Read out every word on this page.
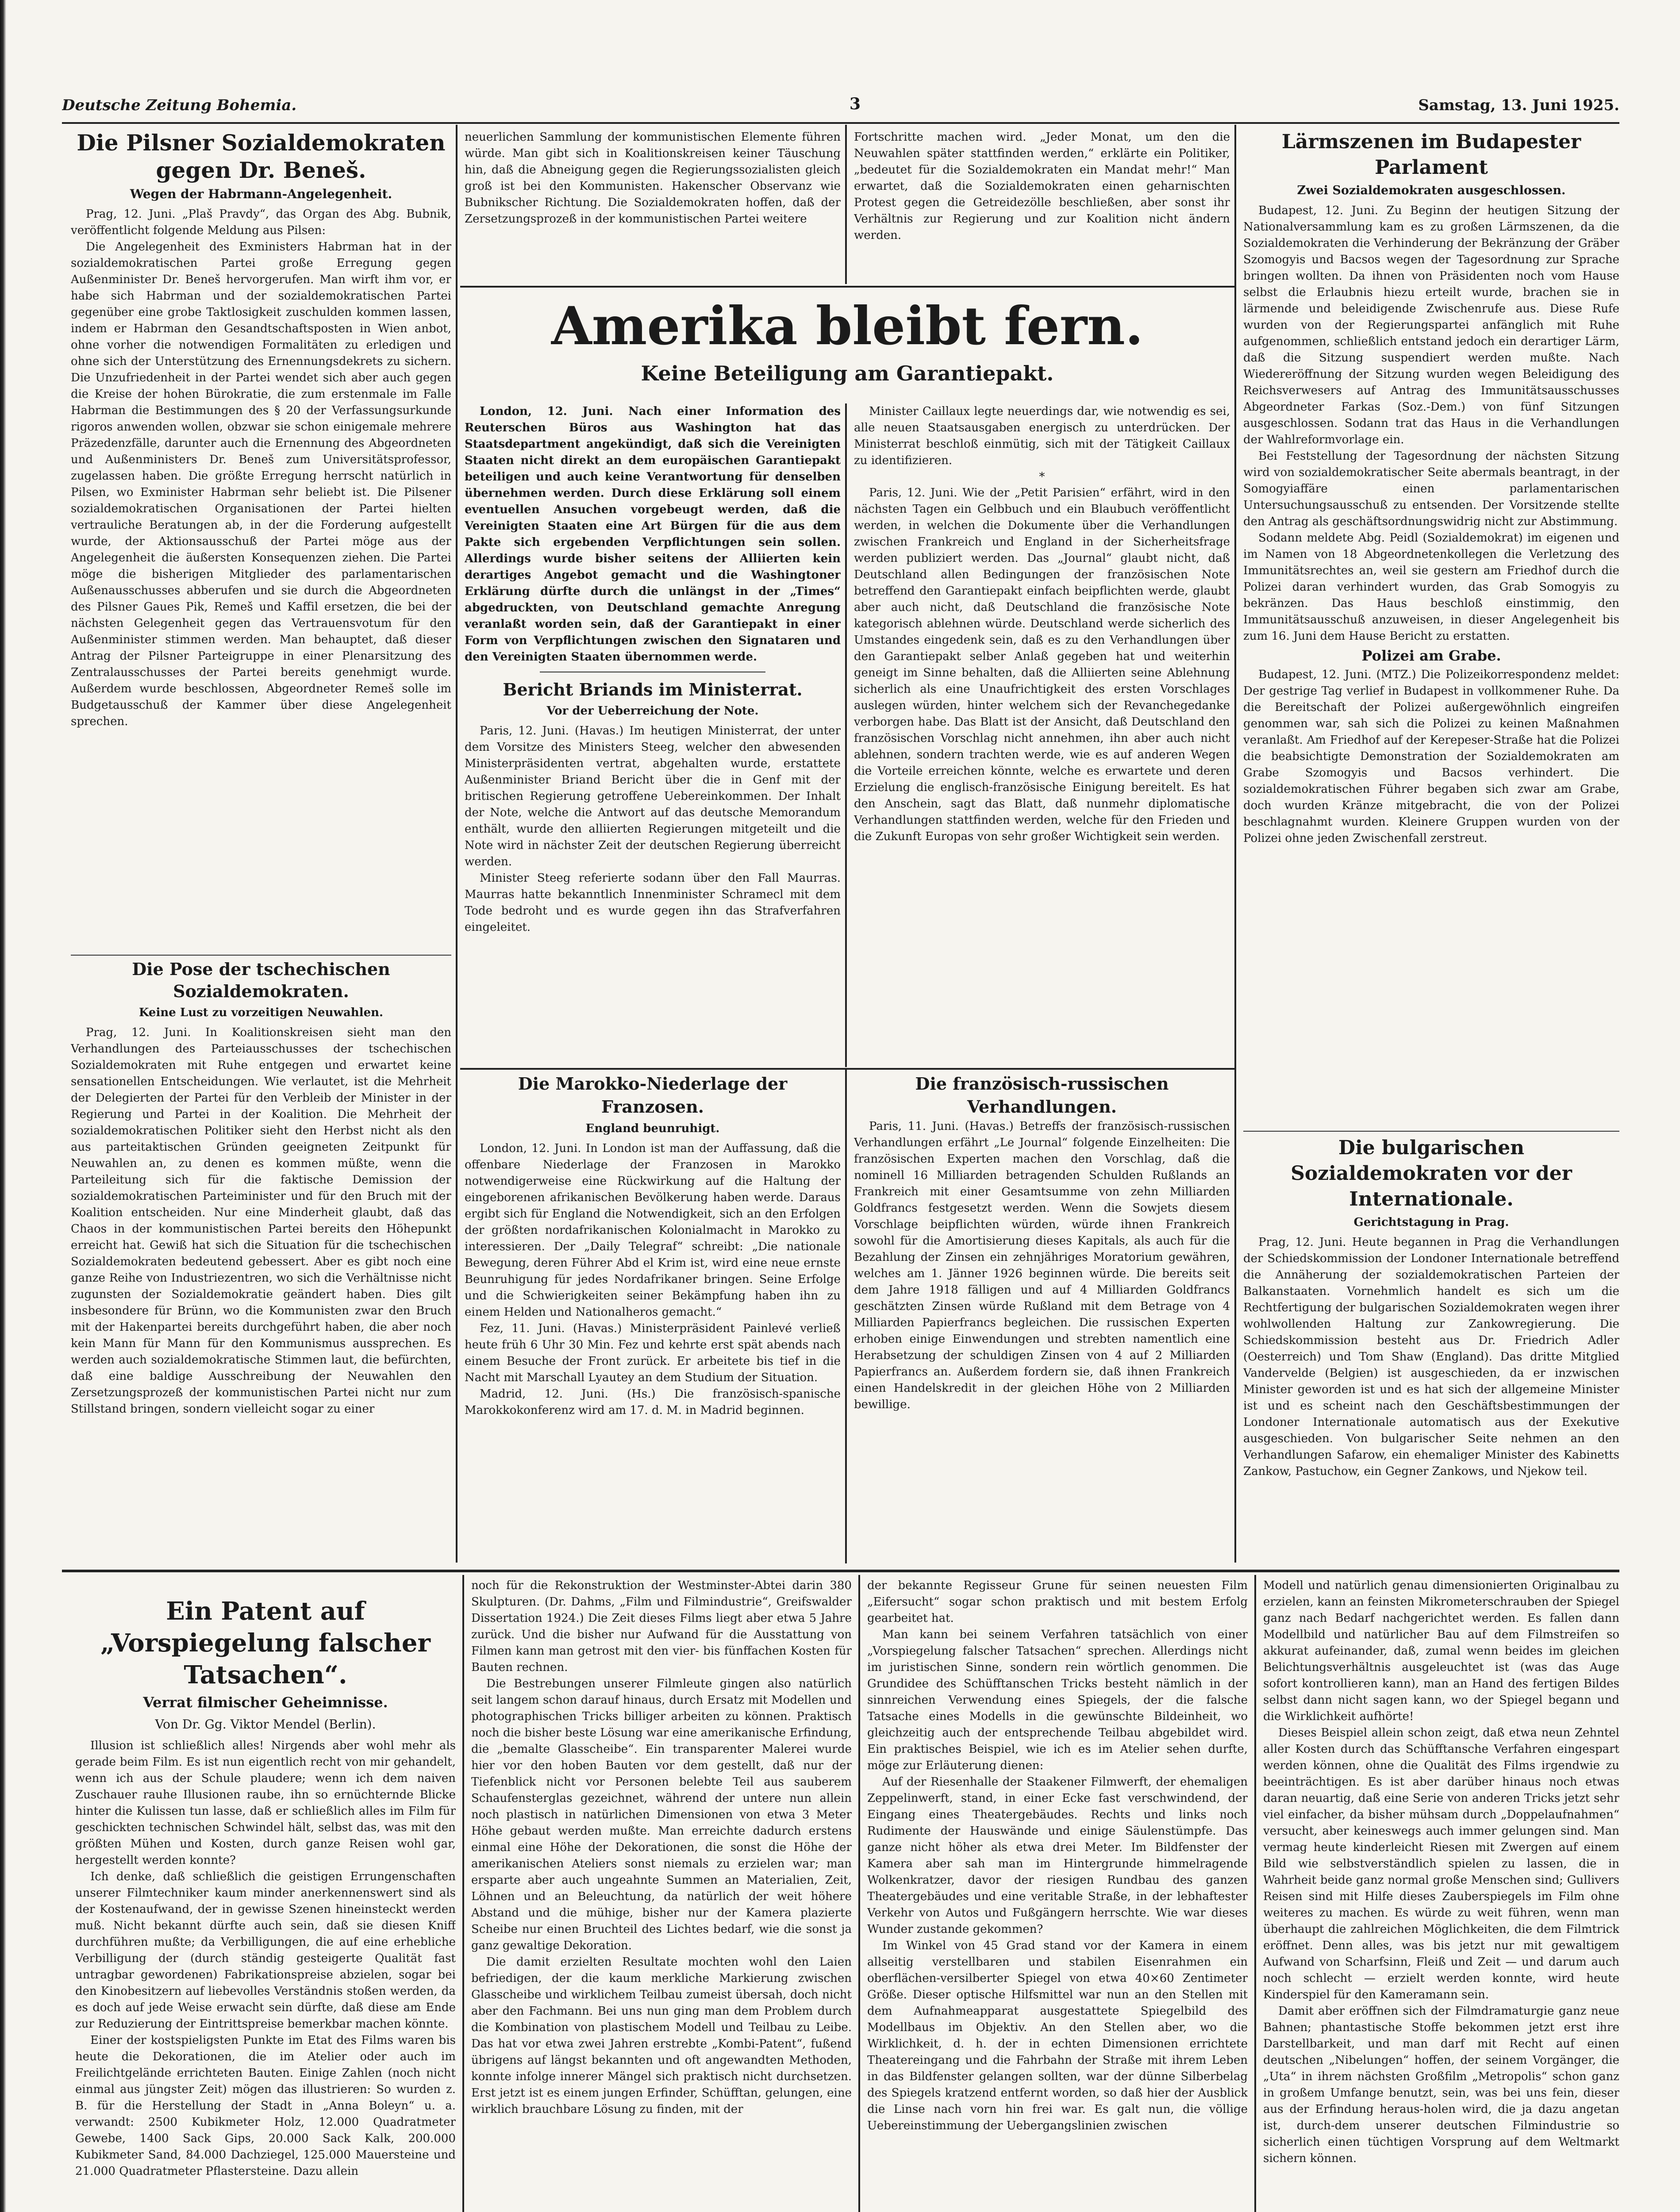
Deutsche Zeitung Bohemia.	3	Samstag, 13. Juni 1925.
Die Pilsner Sozialdemokraten gegen Dr. Beneš.
Wegen der Habrmann-Angelegenheit.

Prag, 12. Juni. „Plaš Pravdy“, das Organ des Abg. Bubnik, veröffentlicht folgende Meldung aus Pilsen:

Die Angelegenheit des Exministers Habrman hat in der sozialdemokratischen Partei große Erregung gegen Außenminister Dr. Beneš hervorgerufen. Man wirft ihm vor, er habe sich Habrman und der sozialdemokratischen Partei gegenüber eine grobe Taktlosigkeit zuschulden kommen lassen, indem er Habrman den Gesandtschaftsposten in Wien anbot, ohne vorher die notwendigen Formalitäten zu erledigen und ohne sich der Unterstützung des Ernennungsdekrets zu sichern. Die Unzufriedenheit in der Partei wendet sich aber auch gegen die Kreise der hohen Bürokratie, die zum erstenmale im Falle Habrman die Bestimmungen des § 20 der Verfassungsurkunde rigoros anwenden wollen, obzwar sie schon einigemale mehrere Präzedenzfälle, darunter auch die Ernennung des Abgeordneten und Außenministers Dr. Beneš zum Universitätsprofessor, zugelassen haben. Die größte Erregung herrscht natürlich in Pilsen, wo Exminister Habrman sehr beliebt ist. Die Pilsener sozialdemokratischen Organisationen der Partei hielten vertrauliche Beratungen ab, in der die Forderung aufgestellt wurde, der Aktionsausschuß der Partei möge aus der Angelegenheit die äußersten Konsequenzen ziehen. Die Partei möge die bisherigen Mitglieder des parlamentarischen Außenausschusses abberufen und sie durch die Abgeordneten des Pilsner Gaues Pik, Remeš und Kaffil ersetzen, die bei der nächsten Gelegenheit gegen das Vertrauensvotum für den Außenminister stimmen werden. Man behauptet, daß dieser Antrag der Pilsner Parteigruppe in einer Plenarsitzung des Zentralausschusses der Partei bereits genehmigt wurde. Außerdem wurde beschlossen, Abgeordneter Remeš solle im Budgetausschuß der Kammer über diese Angelegenheit sprechen.

Die Pose der tschechischen Sozialdemokraten.
Keine Lust zu vorzeitigen Neuwahlen.

Prag, 12. Juni. In Koalitionskreisen sieht man den Verhandlungen des Parteiausschusses der tschechischen Sozialdemokraten mit Ruhe entgegen und erwartet keine sensationellen Entscheidungen. Wie verlautet, ist die Mehrheit der Delegierten der Partei für den Verbleib der Minister in der Regierung und Partei in der Koalition. Die Mehrheit der sozialdemokratischen Politiker sieht den Herbst nicht als den aus parteitaktischen Gründen geeigneten Zeitpunkt für Neuwahlen an, zu denen es kommen müßte, wenn die Parteileitung sich für die faktische Demission der sozialdemokratischen Parteiminister und für den Bruch mit der Koalition entscheiden. Nur eine Minderheit glaubt, daß das Chaos in der kommunistischen Partei bereits den Höhepunkt erreicht hat. Gewiß hat sich die Situation für die tschechischen Sozialdemokraten bedeutend gebessert. Aber es gibt noch eine ganze Reihe von Industriezentren, wo sich die Verhältnisse nicht zugunsten der Sozialdemokratie geändert haben. Dies gilt insbesondere für Brünn, wo die Kommunisten zwar den Bruch mit der Hakenpartei bereits durchgeführt haben, die aber noch kein Mann für Mann für den Kommunismus aussprechen. Es werden auch sozialdemokratische Stimmen laut, die befürchten, daß eine baldige Ausschreibung der Neuwahlen den Zersetzungsprozeß der kommunistischen Partei nicht nur zum Stillstand bringen, sondern vielleicht sogar zu einer

neuerlichen Sammlung der kommunistischen Elemente führen würde. Man gibt sich in Koalitionskreisen keiner Täuschung hin, daß die Abneigung gegen die Regierungssozialisten gleich groß ist bei den Kommunisten. Hakenscher Observanz wie Bubnikscher Richtung. Die Sozialdemokraten hoffen, daß der Zersetzungsprozeß in der kommunistischen Partei weitere

Fortschritte machen wird. „Jeder Monat, um den die Neuwahlen später stattfinden werden,“ erklärte ein Politiker, „bedeutet für die Sozialdemokraten ein Mandat mehr!“ Man erwartet, daß die Sozialdemokraten einen geharnischten Protest gegen die Getreidezölle beschließen, aber sonst ihr Verhältnis zur Regierung und zur Koalition nicht ändern werden.

Amerika bleibt fern.
Keine Beteiligung am Garantiepakt.

London, 12. Juni. Nach einer Information des Reuterschen Büros aus Washington hat das Staatsdepartment angekündigt, daß sich die Vereinigten Staaten nicht direkt an dem europäischen Garantiepakt beteiligen und auch keine Verantwortung für denselben übernehmen werden. Durch diese Erklärung soll einem eventuellen Ansuchen vorgebeugt werden, daß die Vereinigten Staaten eine Art Bürgen für die aus dem Pakte sich ergebenden Verpflichtungen sein sollen. Allerdings wurde bisher seitens der Alliierten kein derartiges Angebot gemacht und die Washingtoner Erklärung dürfte durch die unlängst in der „Times“ abgedruckten, von Deutschland gemachte Anregung veranlaßt worden sein, daß der Garantiepakt in einer Form von Verpflichtungen zwischen den Signataren und den Vereinigten Staaten übernommen werde.

Bericht Briands im Ministerrat.
Vor der Ueberreichung der Note.

Paris, 12. Juni. (Havas.) Im heutigen Ministerrat, der unter dem Vorsitze des Ministers Steeg, welcher den abwesenden Ministerpräsidenten vertrat, abgehalten wurde, erstattete Außenminister Briand Bericht über die in Genf mit der britischen Regierung getroffene Uebereinkommen. Der Inhalt der Note, welche die Antwort auf das deutsche Memorandum enthält, wurde den alliierten Regierungen mitgeteilt und die Note wird in nächster Zeit der deutschen Regierung überreicht werden.

Minister Steeg referierte sodann über den Fall Maurras. Maurras hatte bekanntlich Innenminister Schramecl mit dem Tode bedroht und es wurde gegen ihn das Strafverfahren eingeleitet.

Minister Caillaux legte neuerdings dar, wie notwendig es sei, alle neuen Staatsausgaben energisch zu unterdrücken. Der Ministerrat beschloß einmütig, sich mit der Tätigkeit Caillaux zu identifizieren.

*

Paris, 12. Juni. Wie der „Petit Parisien“ erfährt, wird in den nächsten Tagen ein Gelbbuch und ein Blaubuch veröffentlicht werden, in welchen die Dokumente über die Verhandlungen zwischen Frankreich und England in der Sicherheitsfrage werden publiziert werden. Das „Journal“ glaubt nicht, daß Deutschland allen Bedingungen der französischen Note betreffend den Garantiepakt einfach beipflichten werde, glaubt aber auch nicht, daß Deutschland die französische Note kategorisch ablehnen würde. Deutschland werde sicherlich des Umstandes eingedenk sein, daß es zu den Verhandlungen über den Garantiepakt selber Anlaß gegeben hat und weiterhin geneigt im Sinne behalten, daß die Alliierten seine Ablehnung sicherlich als eine Unaufrichtigkeit des ersten Vorschlages auslegen würden, hinter welchem sich der Revanchegedanke verborgen habe. Das Blatt ist der Ansicht, daß Deutschland den französischen Vorschlag nicht annehmen, ihn aber auch nicht ablehnen, sondern trachten werde, wie es auf anderen Wegen die Vorteile erreichen könnte, welche es erwartete und deren Erzielung die englisch-französische Einigung bereitelt. Es hat den Anschein, sagt das Blatt, daß nunmehr diplomatische Verhandlungen stattfinden werden, welche für den Frieden und die Zukunft Europas von sehr großer Wichtigkeit sein werden.

Die Marokko-Niederlage der Franzosen.
England beunruhigt.

London, 12. Juni. In London ist man der Auffassung, daß die offenbare Niederlage der Franzosen in Marokko notwendigerweise eine Rückwirkung auf die Haltung der eingeborenen afrikanischen Bevölkerung haben werde. Daraus ergibt sich für England die Notwendigkeit, sich an den Erfolgen der größten nordafrikanischen Kolonialmacht in Marokko zu interessieren. Der „Daily Telegraf“ schreibt: „Die nationale Bewegung, deren Führer Abd el Krim ist, wird eine neue ernste Beunruhigung für jedes Nordafrikaner bringen. Seine Erfolge und die Schwierigkeiten seiner Bekämpfung haben ihn zu einem Helden und Nationalheros gemacht.“

Fez, 11. Juni. (Havas.) Ministerpräsident Painlevé verließ heute früh 6 Uhr 30 Min. Fez und kehrte erst spät abends nach einem Besuche der Front zurück. Er arbeitete bis tief in die Nacht mit Marschall Lyautey an dem Studium der Situation.

Madrid, 12. Juni. (Hs.) Die französisch-spanische Marokkokonferenz wird am 17. d. M. in Madrid beginnen.

Die französisch-russischen Verhandlungen.

Paris, 11. Juni. (Havas.) Betreffs der französisch-russischen Verhandlungen erfährt „Le Journal“ folgende Einzelheiten: Die französischen Experten machen den Vorschlag, daß die nominell 16 Milliarden betragenden Schulden Rußlands an Frankreich mit einer Gesamtsumme von zehn Milliarden Goldfrancs festgesetzt werden. Wenn die Sowjets diesem Vorschlage beipflichten würden, würde ihnen Frankreich sowohl für die Amortisierung dieses Kapitals, als auch für die Bezahlung der Zinsen ein zehnjähriges Moratorium gewähren, welches am 1. Jänner 1926 beginnen würde. Die bereits seit dem Jahre 1918 fälligen und auf 4 Milliarden Goldfrancs geschätzten Zinsen würde Rußland mit dem Betrage von 4 Milliarden Papierfrancs begleichen. Die russischen Experten erhoben einige Einwendungen und strebten namentlich eine Herabsetzung der schuldigen Zinsen von 4 auf 2 Milliarden Papierfrancs an. Außerdem fordern sie, daß ihnen Frankreich einen Handelskredit in der gleichen Höhe von 2 Milliarden bewillige.

Lärmszenen im Budapester Parlament
Zwei Sozialdemokraten ausgeschlossen.

Budapest, 12. Juni. Zu Beginn der heutigen Sitzung der Nationalversammlung kam es zu großen Lärmszenen, da die Sozialdemokraten die Verhinderung der Bekränzung der Gräber Szomogyis und Bacsos wegen der Tagesordnung zur Sprache bringen wollten. Da ihnen von Präsidenten noch vom Hause selbst die Erlaubnis hiezu erteilt wurde, brachen sie in lärmende und beleidigende Zwischenrufe aus. Diese Rufe wurden von der Regierungspartei anfänglich mit Ruhe aufgenommen, schließlich entstand jedoch ein derartiger Lärm, daß die Sitzung suspendiert werden mußte. Nach Wiedereröffnung der Sitzung wurden wegen Beleidigung des Reichsverwesers auf Antrag des Immunitätsausschusses Abgeordneter Farkas (Soz.-Dem.) von fünf Sitzungen ausgeschlossen. Sodann trat das Haus in die Verhandlungen der Wahlreformvorlage ein.

Bei Feststellung der Tagesordnung der nächsten Sitzung wird von sozialdemokratischer Seite abermals beantragt, in der Somogyiaffäre einen parlamentarischen Untersuchungsausschuß zu entsenden. Der Vorsitzende stellte den Antrag als geschäftsordnungswidrig nicht zur Abstimmung.

Sodann meldete Abg. Peidl (Sozialdemokrat) im eigenen und im Namen von 18 Abgeordnetenkollegen die Verletzung des Immunitätsrechtes an, weil sie gestern am Friedhof durch die Polizei daran verhindert wurden, das Grab Somogyis zu bekränzen. Das Haus beschloß einstimmig, den Immunitätsausschuß anzuweisen, in dieser Angelegenheit bis zum 16. Juni dem Hause Bericht zu erstatten.

Polizei am Grabe.

Budapest, 12. Juni. (MTZ.) Die Polizeikorrespondenz meldet: Der gestrige Tag verlief in Budapest in vollkommener Ruhe. Da die Bereitschaft der Polizei außergewöhnlich eingreifen genommen war, sah sich die Polizei zu keinen Maßnahmen veranlaßt. Am Friedhof auf der Kerepeser-Straße hat die Polizei die beabsichtigte Demonstration der Sozialdemokraten am Grabe Szomogyis und Bacsos verhindert. Die sozialdemokratischen Führer begaben sich zwar am Grabe, doch wurden Kränze mitgebracht, die von der Polizei beschlagnahmt wurden. Kleinere Gruppen wurden von der Polizei ohne jeden Zwischenfall zerstreut.

Die bulgarischen Sozialdemokraten vor der Internationale.
Gerichtstagung in Prag.

Prag, 12. Juni. Heute begannen in Prag die Verhandlungen der Schiedskommission der Londoner Internationale betreffend die Annäherung der sozialdemokratischen Parteien der Balkanstaaten. Vornehmlich handelt es sich um die Rechtfertigung der bulgarischen Sozialdemokraten wegen ihrer wohlwollenden Haltung zur Zankowregierung. Die Schiedskommission besteht aus Dr. Friedrich Adler (Oesterreich) und Tom Shaw (England). Das dritte Mitglied Vandervelde (Belgien) ist ausgeschieden, da er inzwischen Minister geworden ist und es hat sich der allgemeine Minister ist und es scheint nach den Geschäftsbestimmungen der Londoner Internationale automatisch aus der Exekutive ausgeschieden. Von bulgarischer Seite nehmen an den Verhandlungen Safarow, ein ehemaliger Minister des Kabinetts Zankow, Pastuchow, ein Gegner Zankows, und Njekow teil.

Ein Patent auf „Vorspiegelung falscher Tatsachen“.
Verrat filmischer Geheimnisse.
Von Dr. Gg. Viktor Mendel (Berlin).

Illusion ist schließlich alles! Nirgends aber wohl mehr als gerade beim Film. Es ist nun eigentlich recht von mir gehandelt, wenn ich aus der Schule plaudere; wenn ich dem naiven Zuschauer rauhe Illusionen raube, ihn so ernüchternde Blicke hinter die Kulissen tun lasse, daß er schließlich alles im Film für geschickten technischen Schwindel hält, selbst das, was mit den größten Mühen und Kosten, durch ganze Reisen wohl gar, hergestellt werden konnte?

Ich denke, daß schließlich die geistigen Errungenschaften unserer Filmtechniker kaum minder anerkennenswert sind als der Kostenaufwand, der in gewisse Szenen hineinsteckt werden muß. Nicht bekannt dürfte auch sein, daß sie diesen Kniff durchführen mußte; da Verbilligungen, die auf eine erhebliche Verbilligung der (durch ständig gesteigerte Qualität fast untragbar gewordenen) Fabrikationspreise abzielen, sogar bei den Kinobesitzern auf liebevolles Verständnis stoßen werden, da es doch auf jede Weise erwacht sein dürfte, daß diese am Ende zur Reduzierung der Eintrittspreise bemerkbar machen könnte.

Einer der kostspieligsten Punkte im Etat des Films waren bis heute die Dekorationen, die im Atelier oder auch im Freilichtgelände errichteten Bauten. Einige Zahlen (noch nicht einmal aus jüngster Zeit) mögen das illustrieren: So wurden z. B. für die Herstellung der Stadt in „Anna Boleyn“ u. a. verwandt: 2500 Kubikmeter Holz, 12.000 Quadratmeter Gewebe, 1400 Sack Gips, 20.000 Sack Kalk, 200.000 Kubikmeter Sand, 84.000 Dachziegel, 125.000 Mauersteine und 21.000 Quadratmeter Pflastersteine. Dazu allein

noch für die Rekonstruktion der Westminster-Abtei darin 380 Skulpturen. (Dr. Dahms, „Film und Filmindustrie“, Greifswalder Dissertation 1924.) Die Zeit dieses Films liegt aber etwa 5 Jahre zurück. Und die bisher nur Aufwand für die Ausstattung von Filmen kann man getrost mit den vier- bis fünffachen Kosten für Bauten rechnen.

Die Bestrebungen unserer Filmleute gingen also natürlich seit langem schon darauf hinaus, durch Ersatz mit Modellen und photographischen Tricks billiger arbeiten zu können. Praktisch noch die bisher beste Lösung war eine amerikanische Erfindung, die „bemalte Glasscheibe“. Ein transparenter Malerei wurde hier vor den hoben Bauten vor dem gestellt, daß nur der Tiefenblick nicht vor Personen belebte Teil aus sauberem Schaufensterglas gezeichnet, während der untere nun allein noch plastisch in natürlichen Dimensionen von etwa 3 Meter Höhe gebaut werden mußte. Man erreichte dadurch erstens einmal eine Höhe der Dekorationen, die sonst die Höhe der amerikanischen Ateliers sonst niemals zu erzielen war; man ersparte aber auch ungeahnte Summen an Materialien, Zeit, Löhnen und an Beleuchtung, da natürlich der weit höhere Abstand und die mühige, bisher nur der Kamera plazierte Scheibe nur einen Bruchteil des Lichtes bedarf, wie die sonst ja ganz gewaltige Dekoration.

Die damit erzielten Resultate mochten wohl den Laien befriedigen, der die kaum merkliche Markierung zwischen Glasscheibe und wirklichem Teilbau zumeist übersah, doch nicht aber den Fachmann. Bei uns nun ging man dem Problem durch die Kombination von plastischem Modell und Teilbau zu Leibe. Das hat vor etwa zwei Jahren erstrebte „Kombi-Patent“, fußend übrigens auf längst bekannten und oft angewandten Methoden, konnte infolge innerer Mängel sich praktisch nicht durchsetzen. Erst jetzt ist es einem jungen Erfinder, Schüfftan, gelungen, eine wirklich brauchbare Lösung zu finden, mit der

der bekannte Regisseur Grune für seinen neuesten Film „Eifersucht“ sogar schon praktisch und mit bestem Erfolg gearbeitet hat.

Man kann bei seinem Verfahren tatsächlich von einer „Vorspiegelung falscher Tatsachen“ sprechen. Allerdings nicht im juristischen Sinne, sondern rein wörtlich genommen. Die Grundidee des Schüfftanschen Tricks besteht nämlich in der sinnreichen Verwendung eines Spiegels, der die falsche Tatsache eines Modells in die gewünschte Bildeinheit, wo gleichzeitig auch der entsprechende Teilbau abgebildet wird. Ein praktisches Beispiel, wie ich es im Atelier sehen durfte, möge zur Erläuterung dienen:

Auf der Riesenhalle der Staakener Filmwerft, der ehemaligen Zeppelinwerft, stand, in einer Ecke fast verschwindend, der Eingang eines Theatergebäudes. Rechts und links noch Rudimente der Hauswände und einige Säulenstümpfe. Das ganze nicht höher als etwa drei Meter. Im Bildfenster der Kamera aber sah man im Hintergrunde himmelragende Wolkenkratzer, davor der riesigen Rundbau des ganzen Theatergebäudes und eine veritable Straße, in der lebhaftester Verkehr von Autos und Fußgängern herrschte. Wie war dieses Wunder zustande gekommen?

Im Winkel von 45 Grad stand vor der Kamera in einem allseitig verstellbaren und stabilen Eisenrahmen ein oberflächen-versilberter Spiegel von etwa 40×60 Zentimeter Größe. Dieser optische Hilfsmittel war nun an den Stellen mit dem Aufnahmeapparat ausgestattete Spiegelbild des Modellbaus im Objektiv. An den Stellen aber, wo die Wirklichkeit, d. h. der in echten Dimensionen errichtete Theatereingang und die Fahrbahn der Straße mit ihrem Leben in das Bildfenster gelangen sollten, war der dünne Silberbelag des Spiegels kratzend entfernt worden, so daß hier der Ausblick die Linse nach vorn hin frei war. Es galt nun, die völlige Uebereinstimmung der Uebergangslinien zwischen

Modell und natürlich genau dimensionierten Originalbau zu erzielen, kann an feinsten Mikrometerschrauben der Spiegel ganz nach Bedarf nachgerichtet werden. Es fallen dann Modellbild und natürlicher Bau auf dem Filmstreifen so akkurat aufeinander, daß, zumal wenn beides im gleichen Belichtungsverhältnis ausgeleuchtet ist (was das Auge sofort kontrollieren kann), man an Hand des fertigen Bildes selbst dann nicht sagen kann, wo der Spiegel begann und die Wirklichkeit aufhörte!

Dieses Beispiel allein schon zeigt, daß etwa neun Zehntel aller Kosten durch das Schüfftansche Verfahren eingespart werden können, ohne die Qualität des Films irgendwie zu beeinträchtigen. Es ist aber darüber hinaus noch etwas daran neuartig, daß eine Serie von anderen Tricks jetzt sehr viel einfacher, da bisher mühsam durch „Doppelaufnahmen“ versucht, aber keineswegs auch immer gelungen sind. Man vermag heute kinderleicht Riesen mit Zwergen auf einem Bild wie selbstverständlich spielen zu lassen, die in Wahrheit beide ganz normal große Menschen sind; Gullivers Reisen sind mit Hilfe dieses Zauberspiegels im Film ohne weiteres zu machen. Es würde zu weit führen, wenn man überhaupt die zahlreichen Möglichkeiten, die dem Filmtrick eröffnet. Denn alles, was bis jetzt nur mit gewaltigem Aufwand von Scharfsinn, Fleiß und Zeit — und darum auch noch schlecht — erzielt werden konnte, wird heute Kinderspiel für den Kameramann sein.

Damit aber eröffnen sich der Filmdramaturgie ganz neue Bahnen; phantastische Stoffe bekommen jetzt erst ihre Darstellbarkeit, und man darf mit Recht auf einen deutschen „Nibelungen“ hoffen, der seinem Vorgänger, die „Uta“ in ihrem nächsten Großfilm „Metropolis“ schon ganz in großem Umfange benutzt, sein, was bei uns fein, dieser aus der Erfindung heraus-holen wird, die ja dazu angetan ist, durch-dem unserer deutschen Filmindustrie so sicherlich einen tüchtigen Vorsprung auf dem Weltmarkt sichern können.
